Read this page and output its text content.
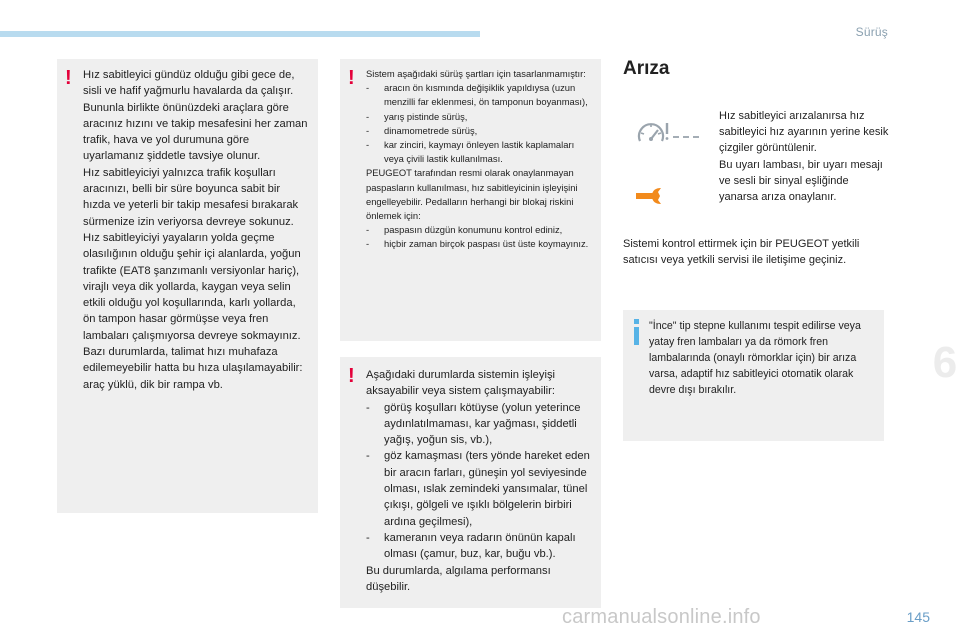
Sürüş
! Hız sabitleyici gündüz olduğu gibi gece de, sisli ve hafif yağmurlu havalarda da çalışır.

Bununla birlikte önünüzdeki araçlara göre aracınız hızını ve takip mesafesini her zaman trafik, hava ve yol durumuna göre uyarlamanız şiddetle tavsiye olunur.

Hız sabitleyiciyi yalnızca trafik koşulları aracınızı, belli bir süre boyunca sabit bir hızda ve yeterli bir takip mesafesi bırakarak sürmenize izin veriyorsa devreye sokunuz.

Hız sabitleyiciyi yayaların yolda geçme olasılığının olduğu şehir içi alanlarda, yoğun trafikte (EAT8 şanzımanlı versiyonlar hariç), virajlı veya dik yollarda, kaygan veya selin etkili olduğu yol koşullarında, karlı yollarda, ön tampon hasar görmüşse veya fren lambaları çalışmıyorsa devreye sokmayınız.

Bazı durumlarda, talimat hızı muhafaza edilemeyebilir hatta bu hıza ulaşılamayabilir: araç yüklü, dik bir rampa vb.

!	Sistem aşağıdaki sürüş şartları için tasarlanmamıştır:

- aracın ön kısmında değişiklik yapıldıysa (uzun menzilli far eklenmesi, ön tamponun boyanması),
- yarış pistinde sürüş,
- dinamometrede sürüş,
- kar zinciri, kaymayı önleyen lastik kaplamaları veya çivili lastik kullanılması.

PEUGEOT tarafından resmi olarak onaylanmayan paspasların kullanılması, hız sabitleyicinin işleyişini engelleyebilir. Pedalların herhangi bir blokaj riskini önlemek için:

- paspasın düzgün konumunu kontrol ediniz,
- hiçbir zaman birçok paspası üst üste koymayınız.
! Aşağıdaki durumlarda sistemin işleyişi aksayabilir veya sistem çalışmayabilir:

- görüş koşulları kötüyse (yolun yeterince aydınlatılmaması, kar yağması, şiddetli yağış, yoğun sis, vb.),
- göz kamaşması (ters yönde hareket eden bir aracın farları, güneşin yol seviyesinde olması, ıslak zemindeki yansımalar, tünel çıkışı, gölgeli ve ışıklı bölgelerin birbiri ardına geçilmesi),
- kameranın veya radarın önünün kapalı olması (çamur, buz, kar, buğu vb.).

Bu durumlarda, algılama performansı düşebilir.

Arıza
Hız sabitleyici arızalanırsa hız sabitleyici hız ayarının yerine kesik çizgiler görüntülenir.
Bu uyarı lambası, bir uyarı mesajı ve sesli bir sinyal eşliğinde yanarsa arıza onaylanır.
Sistemi kontrol ettirmek için bir PEUGEOT yetkili satıcısı veya yetkili servisi ile iletişime geçiniz.
"İnce" tip stepne kullanımı tespit edilirse veya yatay fren lambaları ya da römork fren lambalarında (onaylı römorklar için) bir arıza varsa, adaptif hız sabitleyici otomatik olarak devre dışı bırakılır.
6
carmanualsonline.info	145
